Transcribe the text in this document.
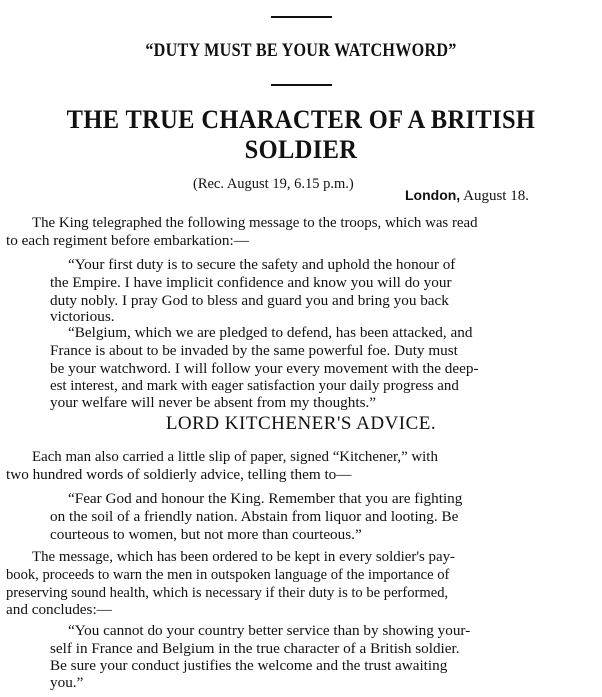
“DUTY MUST BE YOUR WATCHWORD”
THE TRUE CHARACTER OF A BRITISH SOLDIER
(Rec. August 19, 6.15 p.m.)
London, August 18.
The King telegraphed the following message to the troops, which was read
to each regiment before embarkation:—
“Your first duty is to secure the safety and uphold the honour of
the Empire. I have implicit confidence and know you will do your
duty nobly. I pray God to bless and guard you and bring you back
victorious.
“Belgium, which we are pledged to defend, has been attacked, and
France is about to be invaded by the same powerful foe. Duty must
be your watchword. I will follow your every movement with the deep-
est interest, and mark with eager satisfaction your daily progress and
your welfare will never be absent from my thoughts.”
LORD KITCHENER'S ADVICE.
Each man also carried a little slip of paper, signed “Kitchener,” with
two hundred words of soldierly advice, telling them to—
“Fear God and honour the King. Remember that you are fighting
on the soil of a friendly nation. Abstain from liquor and looting. Be
courteous to women, but not more than courteous.”
The message, which has been ordered to be kept in every soldier's pay-
book, proceeds to warn the men in outspoken language of the importance of
preserving sound health, which is necessary if their duty is to be performed,
and concludes:—
“You cannot do your country better service than by showing your-
self in France and Belgium in the true character of a British soldier.
Be sure your conduct justifies the welcome and the trust awaiting
you.”
